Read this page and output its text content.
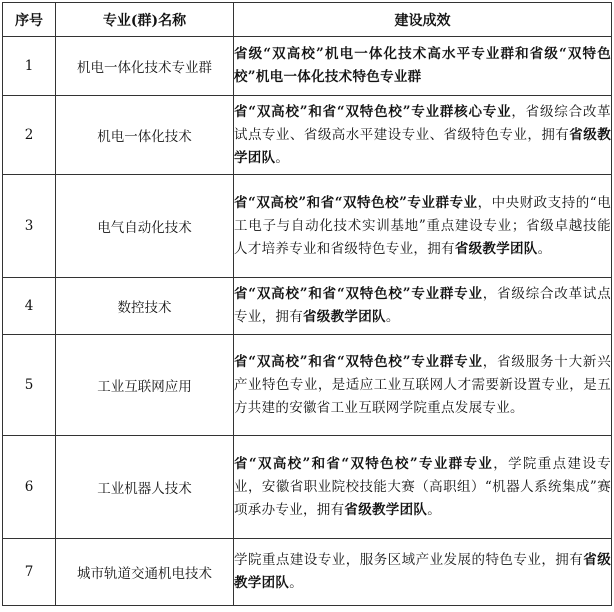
序号	专业(群)名称	建设成效
1	机电一体化技术专业群	省级“双高校”机电一体化技术高水平专业群和省级“双特色校”机电一体化技术特色专业群
2	机电一体化技术	省“双高校”和省“双特色校”专业群核心专业，省级综合改革试点专业、省级高水平建设专业、省级特色专业，拥有省级教学团队。
3	电气自动化技术	省“双高校”和省“双特色校”专业群专业，中央财政支持的“电工电子与自动化技术实训基地”重点建设专业；省级卓越技能人才培养专业和省级特色专业，拥有省级教学团队。
4	数控技术	省“双高校”和省“双特色校”专业群专业，省级综合改革试点专业，拥有省级教学团队。
5	工业互联网应用	省“双高校”和省“双特色校”专业群专业，省级服务十大新兴产业特色专业，是适应工业互联网人才需要新设置专业，是五方共建的安徽省工业互联网学院重点发展专业。
6	工业机器人技术	省“双高校”和省“双特色校”专业群专业，学院重点建设专业，安徽省职业院校技能大赛（高职组）“机器人系统集成”赛项承办专业，拥有省级教学团队。
7	城市轨道交通机电技术	学院重点建设专业，服务区域产业发展的特色专业，拥有省级教学团队。
